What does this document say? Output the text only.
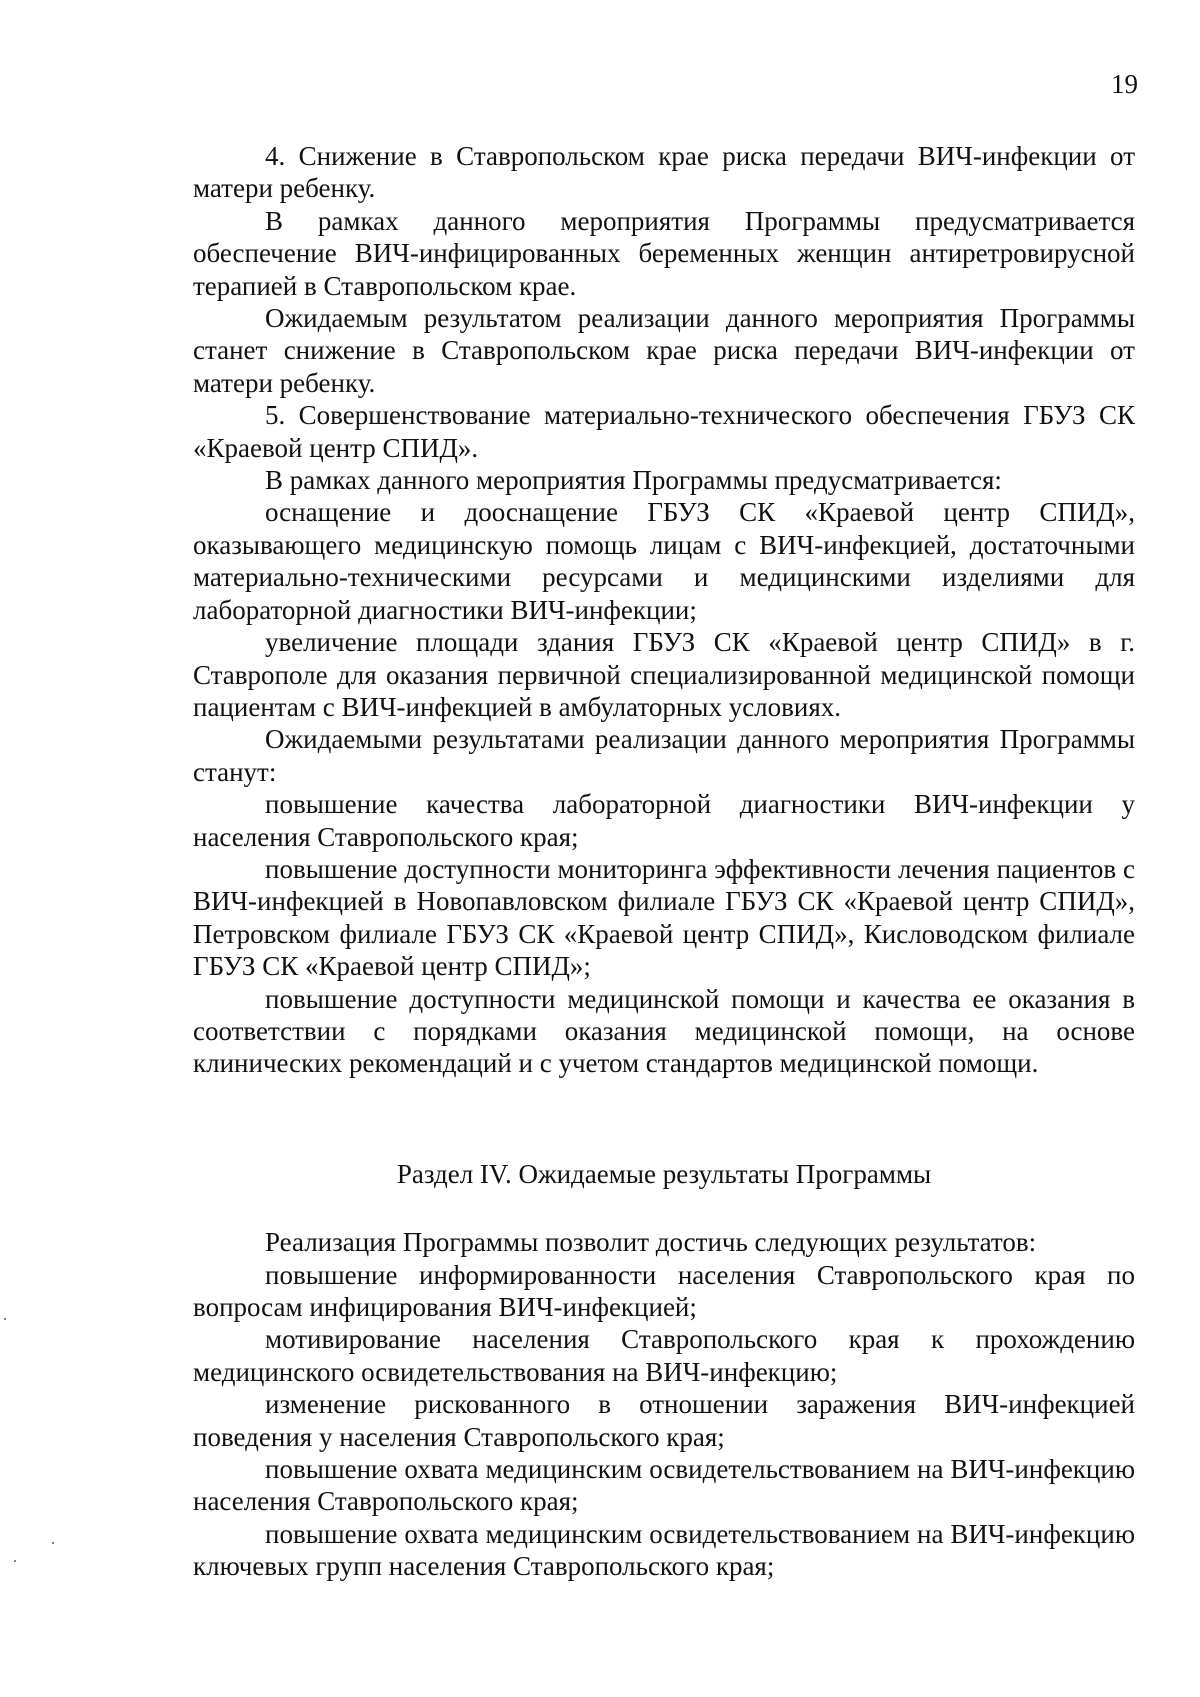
19

4. Снижение в Ставропольском крае риска передачи ВИЧ-инфекции от матери ребенку.

В рамках данного мероприятия Программы предусматривается обеспечение ВИЧ-инфицированных беременных женщин антиретровирусной терапией в Ставропольском крае.

Ожидаемым результатом реализации данного мероприятия Программы станет снижение в Ставропольском крае риска передачи ВИЧ-инфекции от матери ребенку.

5. Совершенствование материально-технического обеспечения ГБУЗ СК «Краевой центр СПИД».

В рамках данного мероприятия Программы предусматривается:

оснащение и дооснащение ГБУЗ СК «Краевой центр СПИД», оказывающего медицинскую помощь лицам с ВИЧ-инфекцией, достаточными материально-техническими ресурсами и медицинскими изделиями для лабораторной диагностики ВИЧ-инфекции;

увеличение площади здания ГБУЗ СК «Краевой центр СПИД» в г. Ставрополе для оказания первичной специализированной медицинской помощи пациентам с ВИЧ-инфекцией в амбулаторных условиях.

Ожидаемыми результатами реализации данного мероприятия Программы станут:

повышение качества лабораторной диагностики ВИЧ-инфекции у населения Ставропольского края;

повышение доступности мониторинга эффективности лечения пациентов с ВИЧ-инфекцией в Новопавловском филиале ГБУЗ СК «Краевой центр СПИД», Петровском филиале ГБУЗ СК «Краевой центр СПИД», Кисловодском филиале ГБУЗ СК «Краевой центр СПИД»;

повышение доступности медицинской помощи и качества ее оказания в соответствии с порядками оказания медицинской помощи, на основе клинических рекомендаций и с учетом стандартов медицинской помощи.

Раздел IV. Ожидаемые результаты Программы

Реализация Программы позволит достичь следующих результатов:

повышение информированности населения Ставропольского края по вопросам инфицирования ВИЧ-инфекцией;

мотивирование населения Ставропольского края к прохождению медицинского освидетельствования на ВИЧ-инфекцию;

изменение рискованного в отношении заражения ВИЧ-инфекцией поведения у населения Ставропольского края;

повышение охвата медицинским освидетельствованием на ВИЧ-инфекцию населения Ставропольского края;

повышение охвата медицинским освидетельствованием на ВИЧ-инфекцию ключевых групп населения Ставропольского края;
